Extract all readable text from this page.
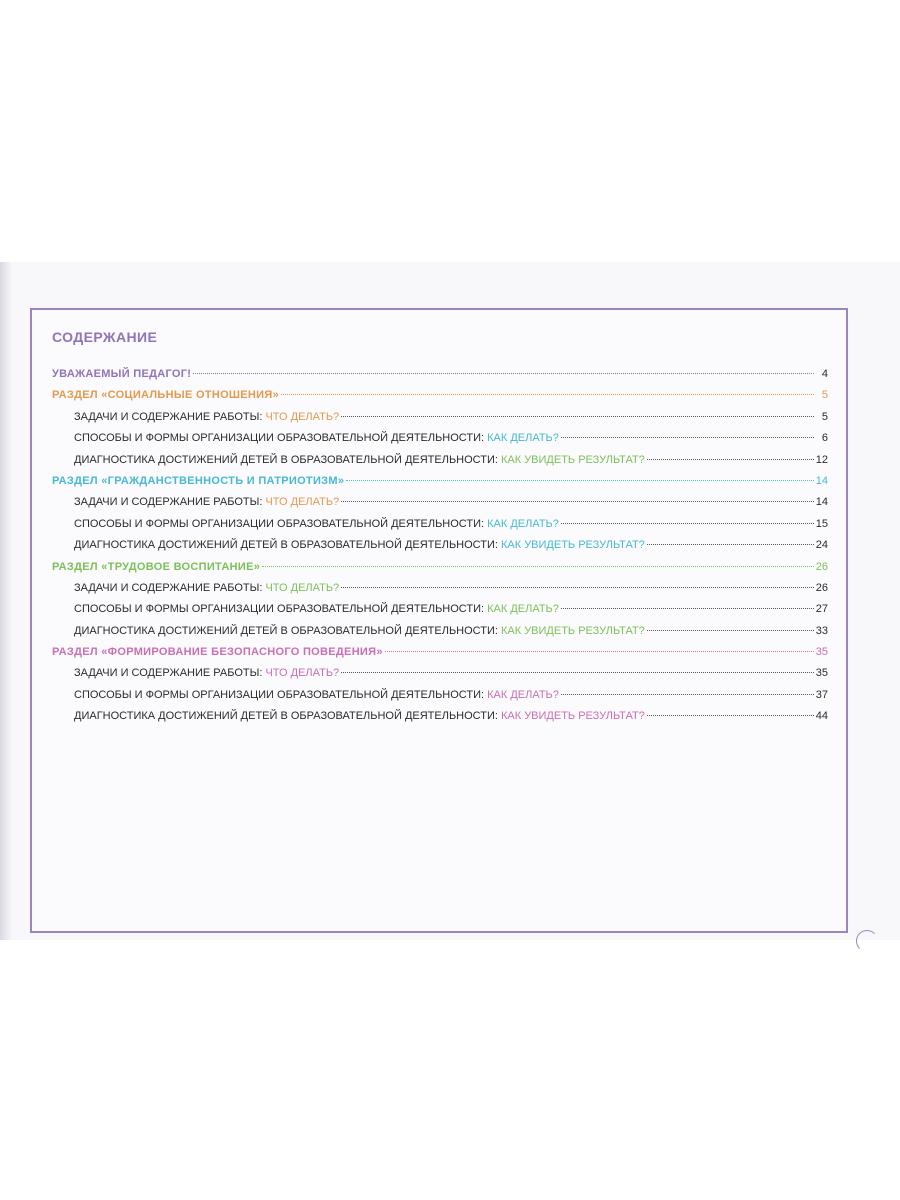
СОДЕРЖАНИЕ
УВАЖАЕМЫЙ ПЕДАГОГ!	4
РАЗДЕЛ «СОЦИАЛЬНЫЕ ОТНОШЕНИЯ»	5
ЗАДАЧИ И СОДЕРЖАНИЕ РАБОТЫ: ЧТО ДЕЛАТЬ?	5
СПОСОБЫ И ФОРМЫ ОРГАНИЗАЦИИ ОБРАЗОВАТЕЛЬНОЙ ДЕЯТЕЛЬНОСТИ: КАК ДЕЛАТЬ?	6
ДИАГНОСТИКА ДОСТИЖЕНИЙ ДЕТЕЙ В ОБРАЗОВАТЕЛЬНОЙ ДЕЯТЕЛЬНОСТИ: КАК УВИДЕТЬ РЕЗУЛЬТАТ?	12
РАЗДЕЛ «ГРАЖДАНСТВЕННОСТЬ И ПАТРИОТИЗМ»	14
ЗАДАЧИ И СОДЕРЖАНИЕ РАБОТЫ: ЧТО ДЕЛАТЬ?	14
СПОСОБЫ И ФОРМЫ ОРГАНИЗАЦИИ ОБРАЗОВАТЕЛЬНОЙ ДЕЯТЕЛЬНОСТИ: КАК ДЕЛАТЬ?	15
ДИАГНОСТИКА ДОСТИЖЕНИЙ ДЕТЕЙ В ОБРАЗОВАТЕЛЬНОЙ ДЕЯТЕЛЬНОСТИ: КАК УВИДЕТЬ РЕЗУЛЬТАТ?	24
РАЗДЕЛ «ТРУДОВОЕ ВОСПИТАНИЕ»	26
ЗАДАЧИ И СОДЕРЖАНИЕ РАБОТЫ: ЧТО ДЕЛАТЬ?	26
СПОСОБЫ И ФОРМЫ ОРГАНИЗАЦИИ ОБРАЗОВАТЕЛЬНОЙ ДЕЯТЕЛЬНОСТИ: КАК ДЕЛАТЬ?	27
ДИАГНОСТИКА ДОСТИЖЕНИЙ ДЕТЕЙ В ОБРАЗОВАТЕЛЬНОЙ ДЕЯТЕЛЬНОСТИ: КАК УВИДЕТЬ РЕЗУЛЬТАТ?	33
РАЗДЕЛ «ФОРМИРОВАНИЕ БЕЗОПАСНОГО ПОВЕДЕНИЯ»	35
ЗАДАЧИ И СОДЕРЖАНИЕ РАБОТЫ: ЧТО ДЕЛАТЬ?	35
СПОСОБЫ И ФОРМЫ ОРГАНИЗАЦИИ ОБРАЗОВАТЕЛЬНОЙ ДЕЯТЕЛЬНОСТИ: КАК ДЕЛАТЬ?	37
ДИАГНОСТИКА ДОСТИЖЕНИЙ ДЕТЕЙ В ОБРАЗОВАТЕЛЬНОЙ ДЕЯТЕЛЬНОСТИ: КАК УВИДЕТЬ РЕЗУЛЬТАТ?	44
